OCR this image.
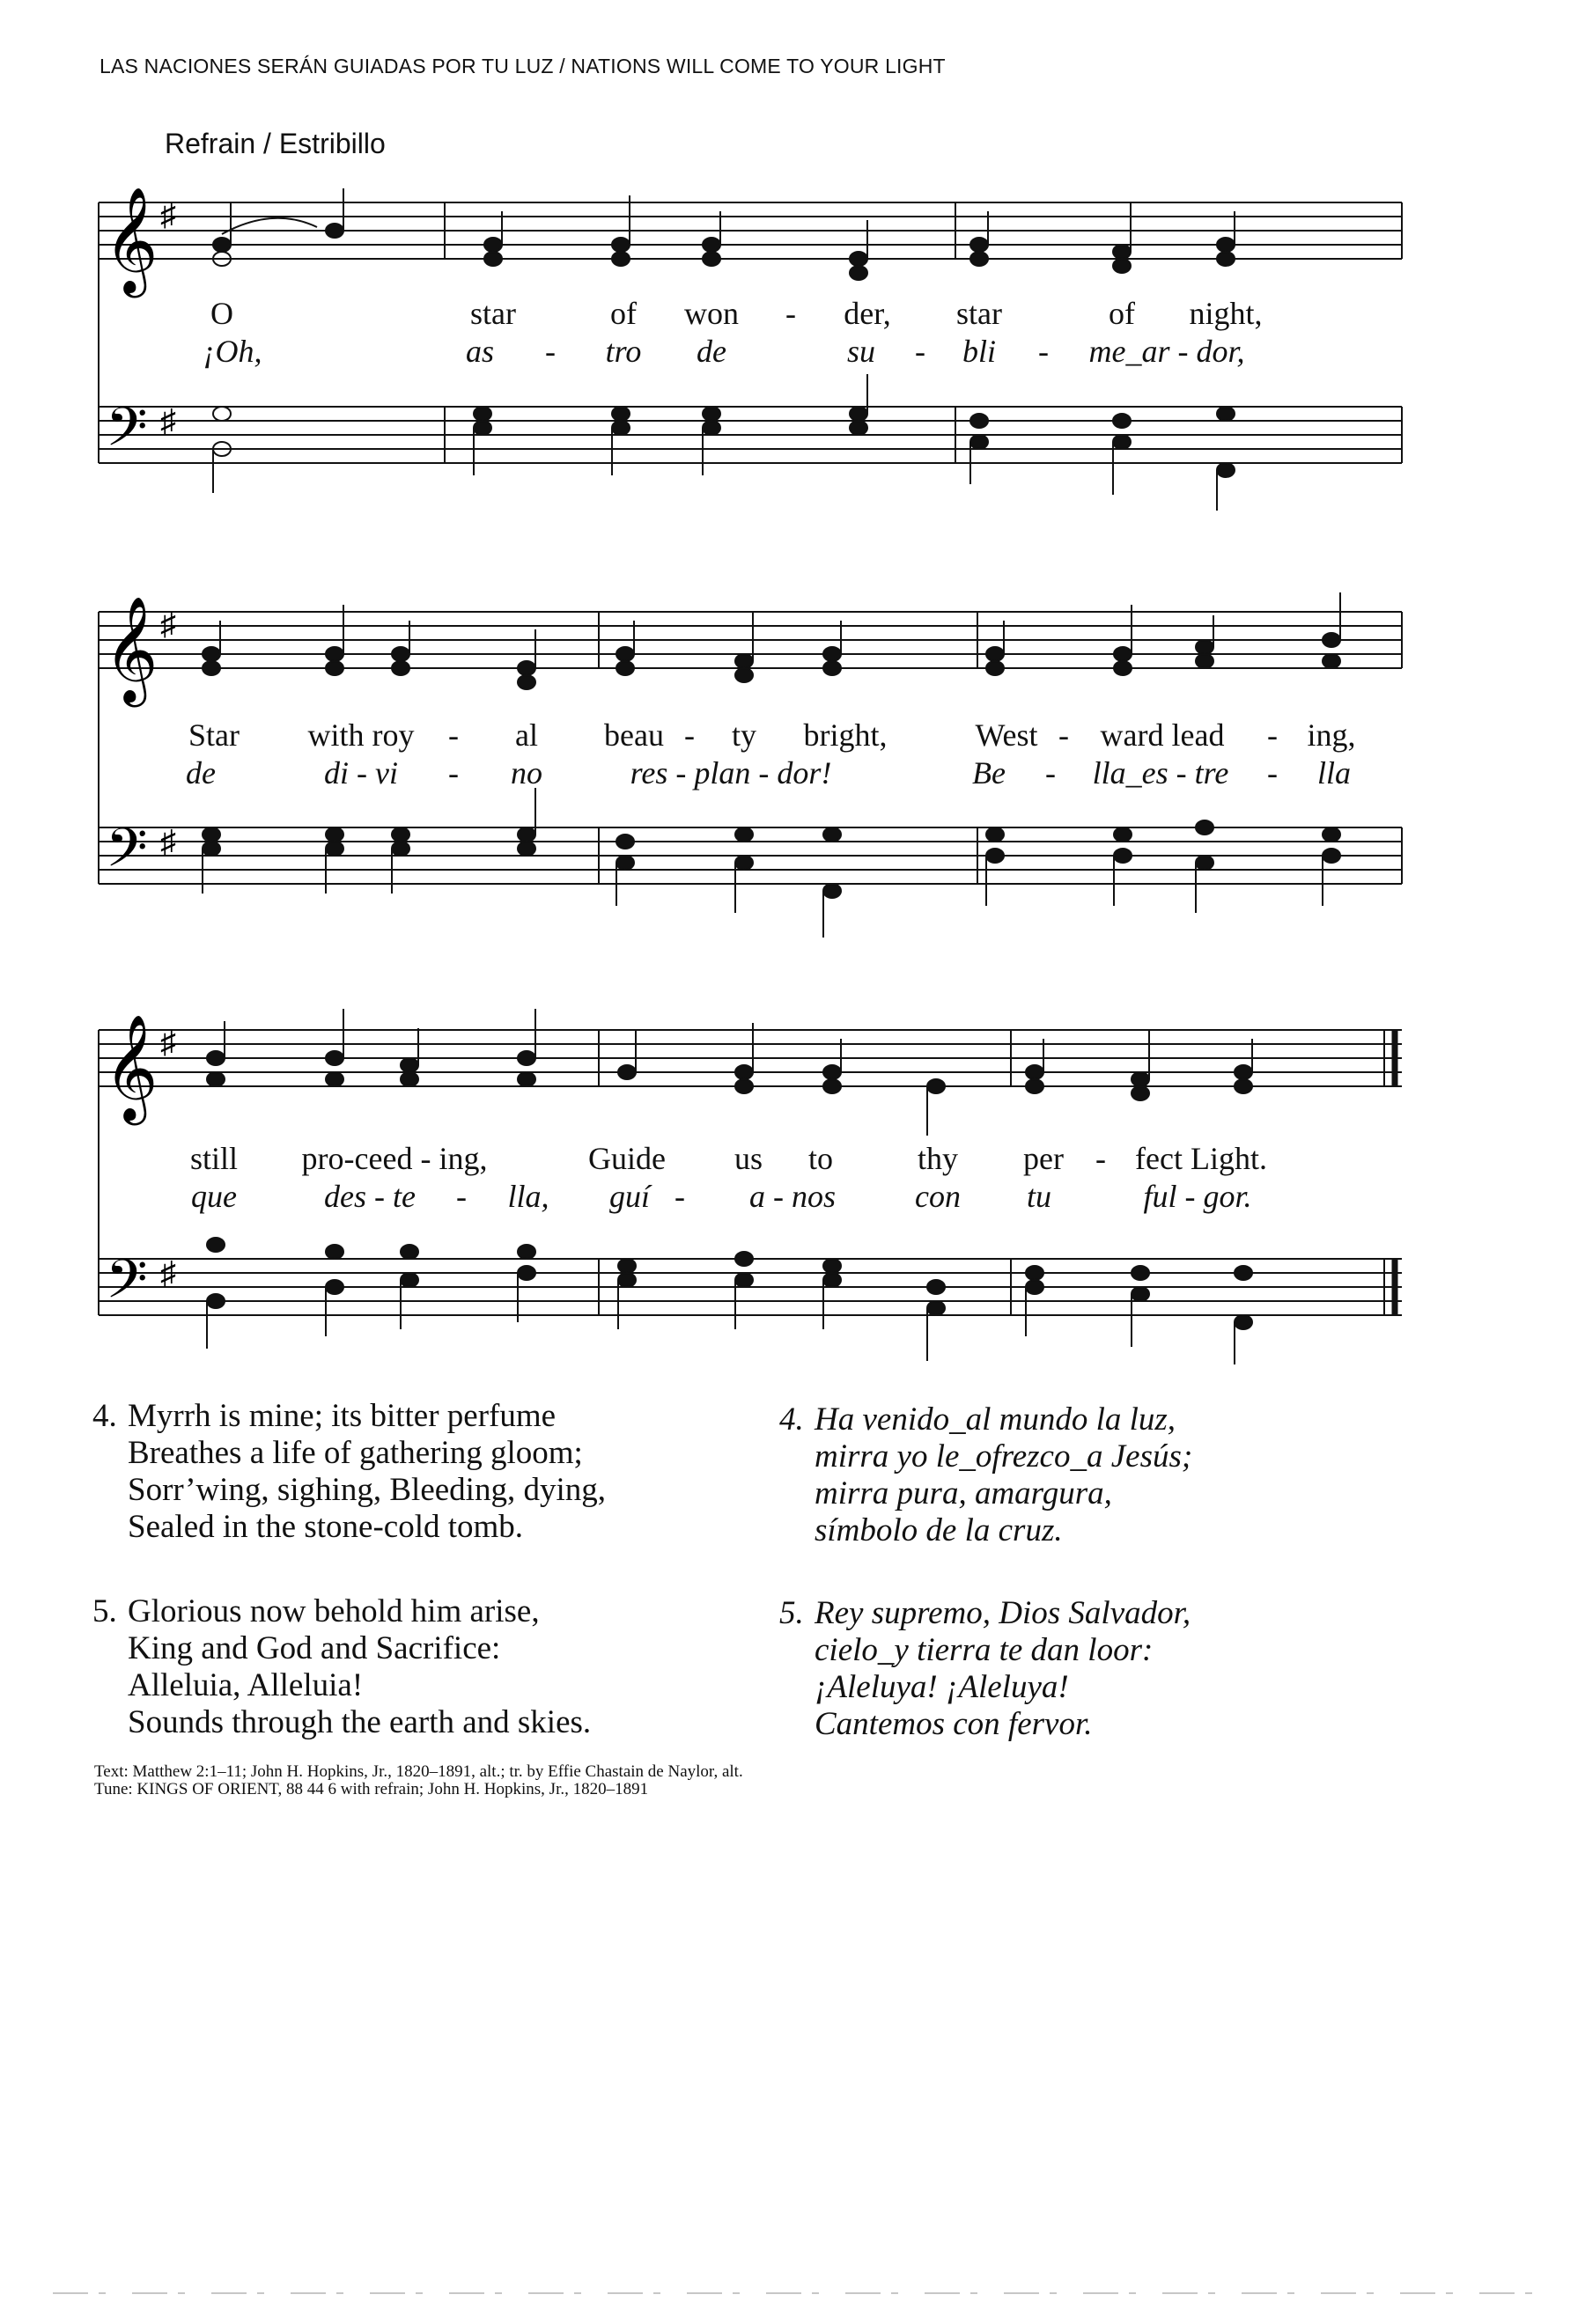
LAS NACIONES SERÁN GUIADAS POR TU LUZ / NATIONS WILL COME TO YOUR LIGHT
Refrain / Estribillo
𝄞
𝄢
♯
♯
O	star	of won - der, star	of night,
¡Oh,	as - tro de	su - bli - me_ar - dor,
𝄞
𝄢
♯
♯
Star with roy - al beau - ty bright,	West - ward lead - ing,
de	di - vi - no	res - plan - dor!	Be - lla_es - tre - lla
𝄞
𝄢
♯
♯
still pro-ceed - ing,	Guide us to	thy per - fect Light.
que	des - te - lla, guí - a - nos	con tu	ful - gor.
4. Myrrh is mine; its bitter perfume
Breathes a life of gathering gloom;
Sorr’wing, sighing, Bleeding, dying,
Sealed in the stone-cold tomb.
5. Glorious now behold him arise,
King and God and Sacrifice:
Alleluia, Alleluia!
Sounds through the earth and skies.
4. Ha venido_al mundo la luz,
mirra yo le_ofrezco_a Jesús;
mirra pura, amargura,
símbolo de la cruz.
5. Rey supremo, Dios Salvador,
cielo_y tierra te dan loor:
¡Aleluya! ¡Aleluya!
Cantemos con fervor.
Text: Matthew 2:1–11; John H. Hopkins, Jr., 1820–1891, alt.; tr. by Effie Chastain de Naylor, alt.
Tune: KINGS OF ORIENT, 88 44 6 with refrain; John H. Hopkins, Jr., 1820–1891
